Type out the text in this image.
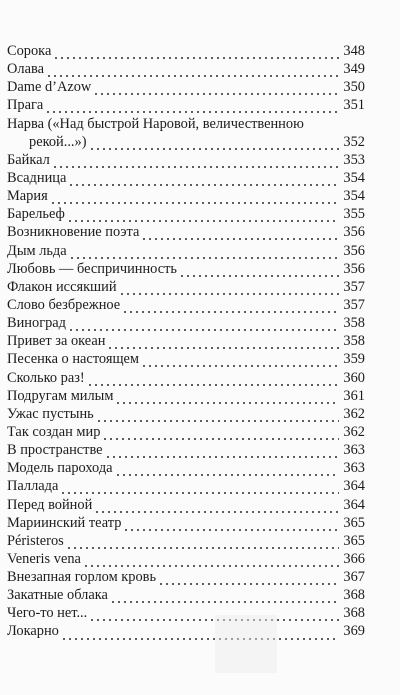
Сорока	348
Олава	349
Dame d’Azow	350
Прага	351
Нарва («Над быстрой Наровой, величественною
рекой...»)	352
Байкал	353
Всадница	354
Мария	354
Барельеф	355
Возникновение поэта	356
Дым льда	356
Любовь — беспричинность	356
Флакон иссякший	357
Слово безбрежное	357
Виноград	358
Привет за океан	358
Песенка о настоящем	359
Сколько раз!	360
Подругам милым	361
Ужас пустынь	362
Так создан мир	362
В пространстве	363
Модель парохода	363
Паллада	364
Перед войной	364
Мариинский театр	365
Péristeros	365
Veneris vena	366
Внезапная горлом кровь	367
Закатные облака	368
Чего-то нет...	368
Локарно	369
